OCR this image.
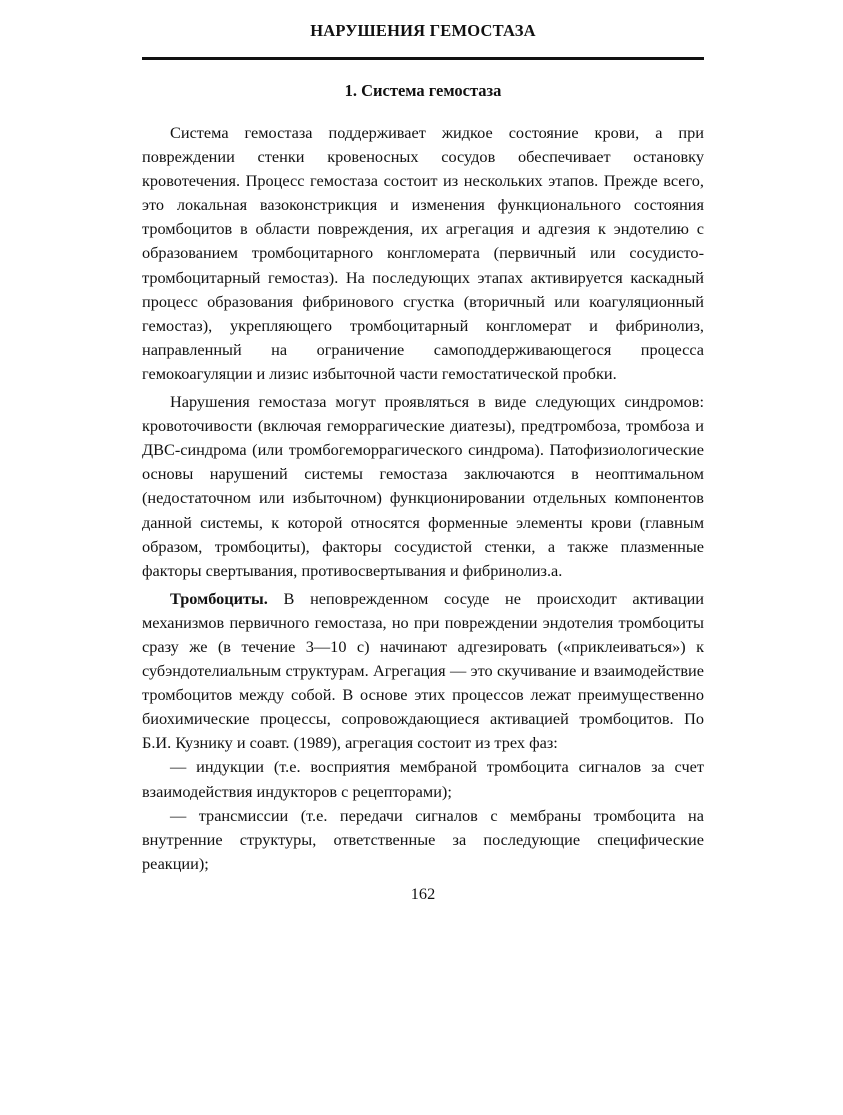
НАРУШЕНИЯ ГЕМОСТАЗА
1. Система гемостаза

Система гемостаза поддерживает жидкое состояние крови, а при повреждении стенки кровеносных сосудов обеспечивает остановку кровотечения. Процесс гемостаза состоит из нескольких этапов. Прежде всего, это локальная вазоконстрикция и изменения функционального состояния тромбоцитов в области повреждения, их агрегация и адгезия к эндотелию с образованием тромбоцитарного конгломерата (первичный или сосудисто-тромбоцитарный гемостаз). На последующих этапах активируется каскадный процесс образования фибринового сгустка (вторичный или коагуляционный гемостаз), укрепляющего тромбоцитарный конгломерат и фибринолиз, направленный на ограничение самоподдерживающегося процесса гемокоагуляции и лизис избыточной части гемостатической пробки.

Нарушения гемостаза могут проявляться в виде следующих синдромов: кровоточивости (включая геморрагические диатезы), предтромбоза, тромбоза и ДВС-синдрома (или тромбогеморрагического синдрома). Патофизиологические основы нарушений системы гемостаза заключаются в неоптимальном (недостаточном или избыточном) функционировании отдельных компонентов данной системы, к которой относятся форменные элементы крови (главным образом, тромбоциты), факторы сосудистой стенки, а также плазменные факторы свертывания, противосвертывания и фибринолиз.а.

Тромбоциты. В неповрежденном сосуде не происходит активации механизмов первичного гемостаза, но при повреждении эндотелия тромбоциты сразу же (в течение 3—10 с) начинают адгезировать («приклеиваться») к субэндотелиальным структурам. Агрегация — это скучивание и взаимодействие тромбоцитов между собой. В основе этих процессов лежат преимущественно биохимические процессы, сопровождающиеся активацией тромбоцитов. По Б.И. Кузнику и соавт. (1989), агрегация состоит из трех фаз:

— индукции (т.е. восприятия мембраной тромбоцита сигналов за счет взаимодействия индукторов с рецепторами);

— трансмиссии (т.е. передачи сигналов с мембраны тромбоцита на внутренние структуры, ответственные за последующие специфические реакции);

162
